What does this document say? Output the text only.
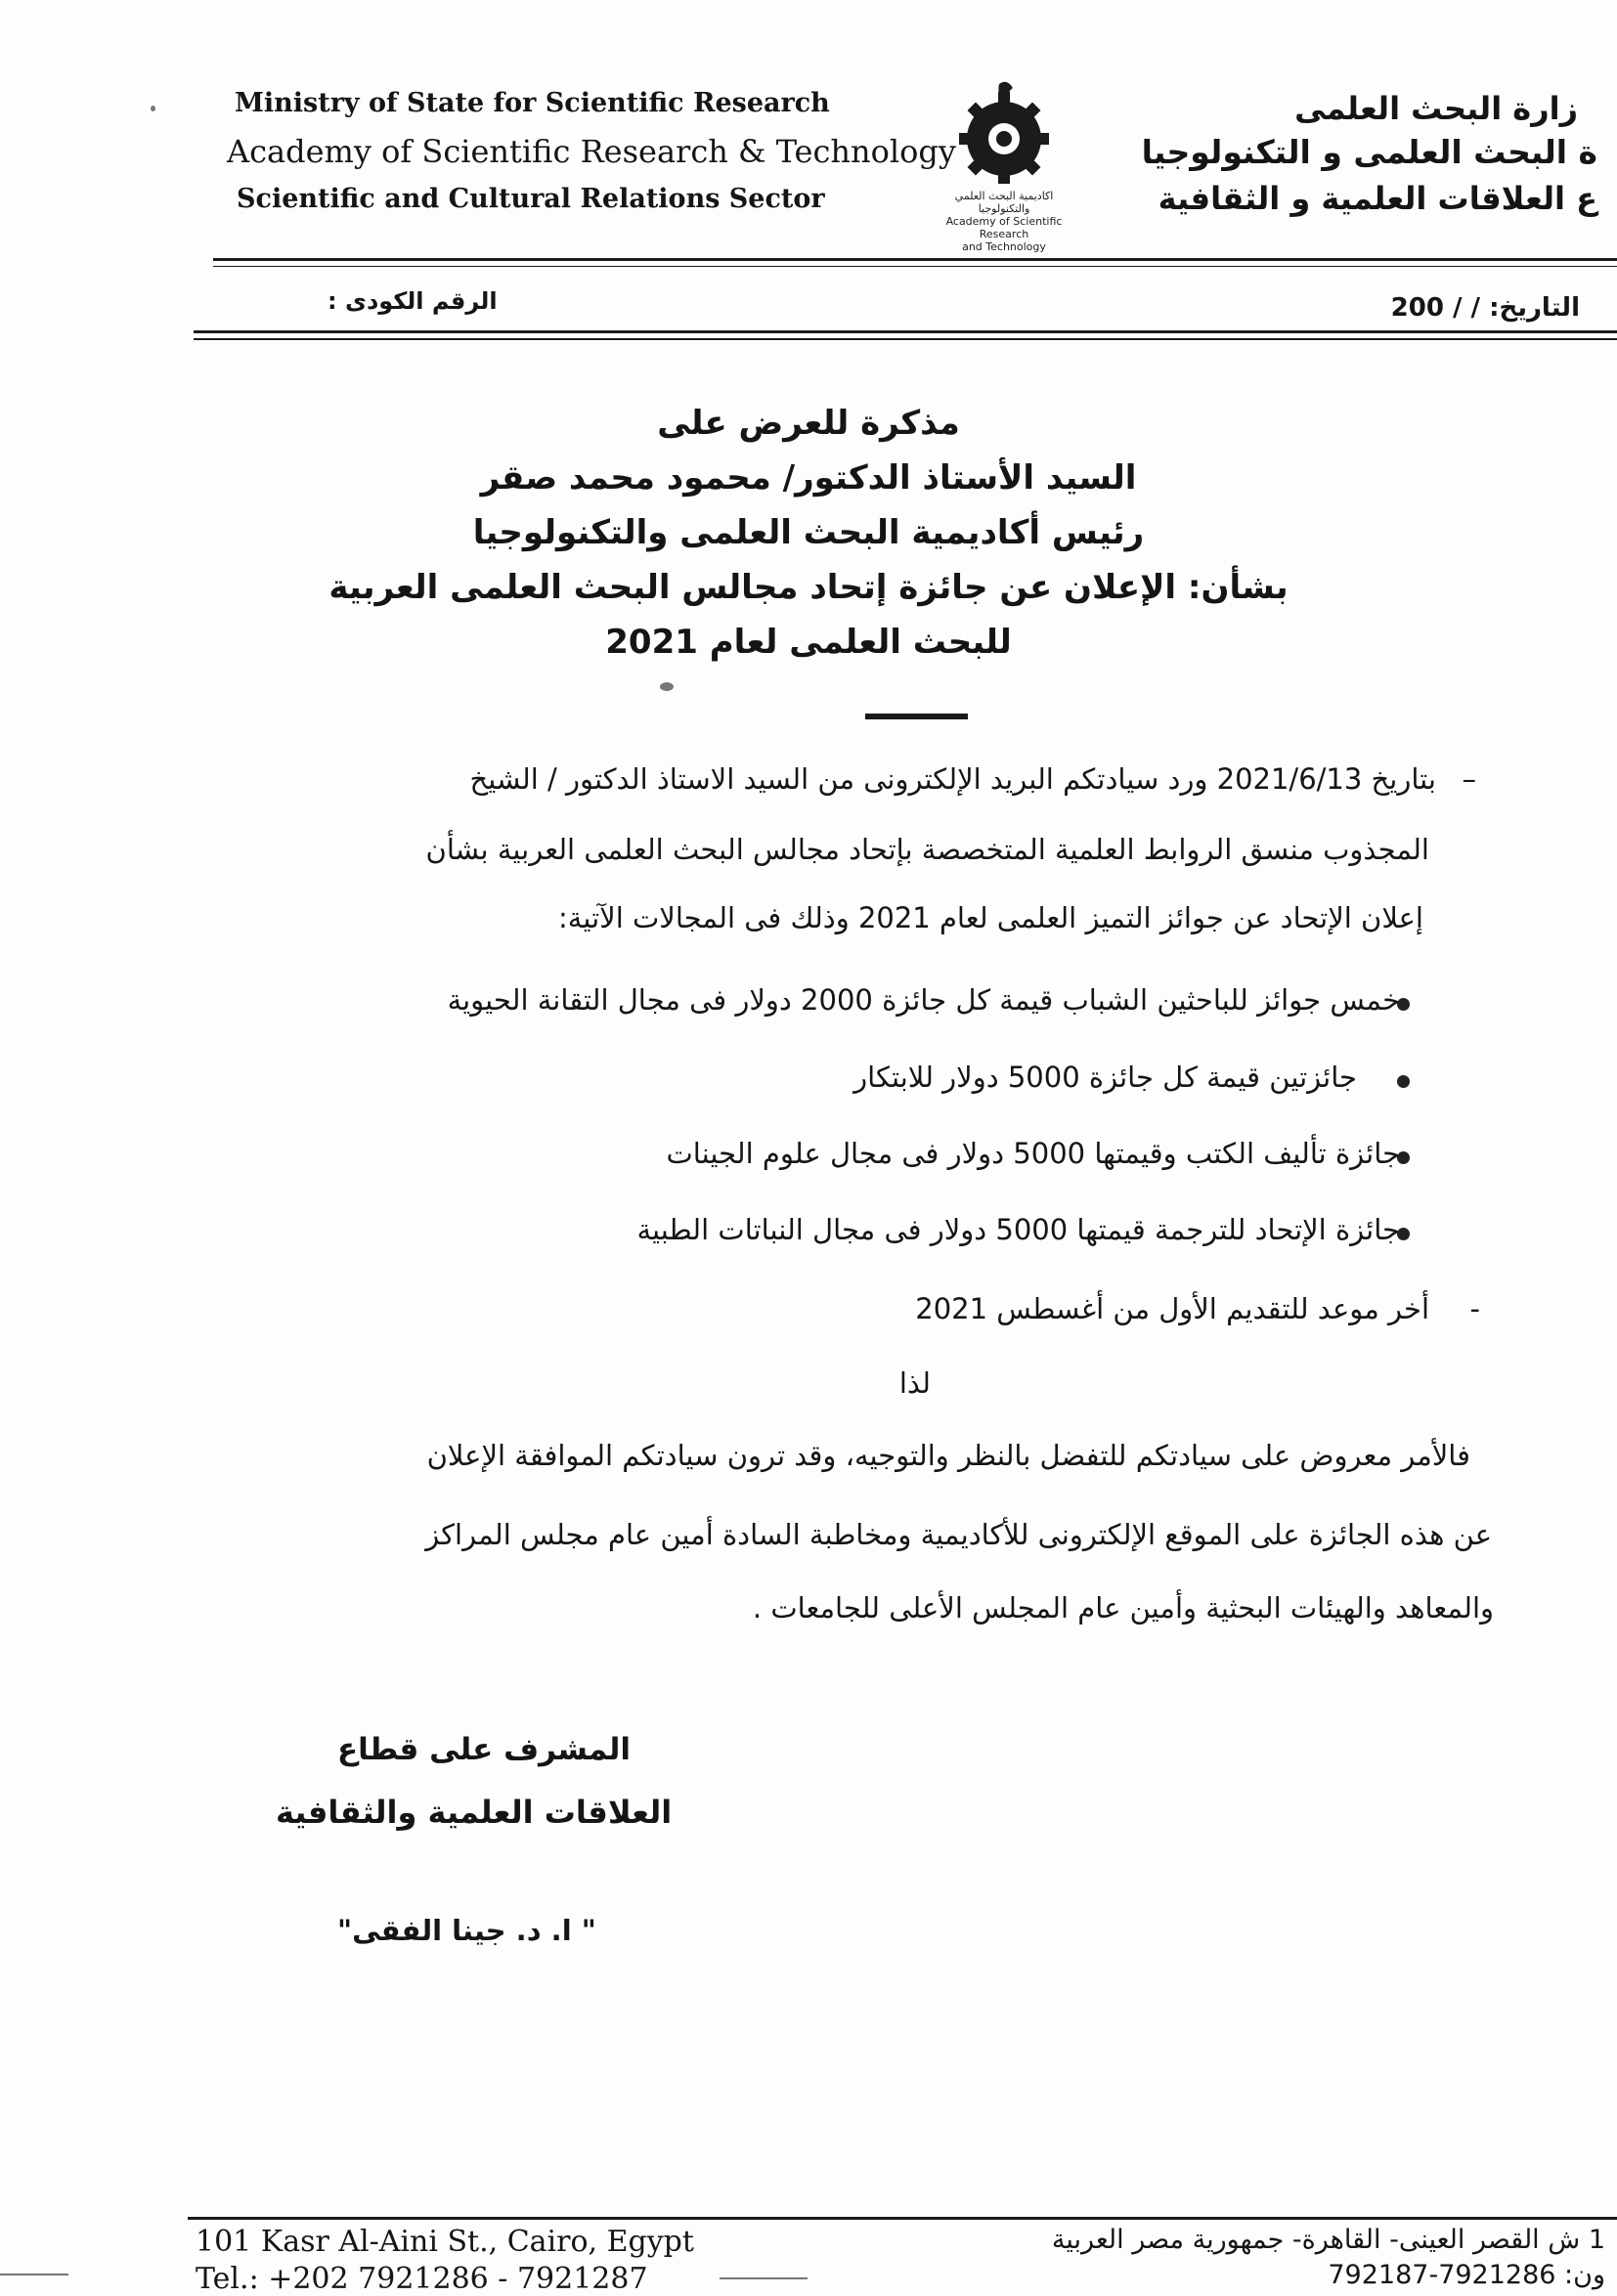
Ministry of State for Scientific Research
Academy of Scientific Research & Technology
Scientific and Cultural Relations Sector	اكاديمية البحث العلمي والتكنولوجيا
Academy of Scientific Research
and Technology
زارة البحث العلمى
ة البحث العلمى و التكنولوجيا
ع العلاقات العلمية و الثقافية
التاريخ: / / 200
الرقم الكودى :
مذكرة للعرض على
السيد الأستاذ الدكتور/ محمود محمد صقر
رئيس أكاديمية البحث العلمى والتكنولوجيا
بشأن: الإعلان عن جائزة إتحاد مجالس البحث العلمى العربية
للبحث العلمى لعام 2021
–
بتاريخ 2021/6/13 ورد سيادتكم البريد الإلكترونى من السيد الاستاذ الدكتور / الشيخ
المجذوب منسق الروابط العلمية المتخصصة بإتحاد مجالس البحث العلمى العربية بشأن
إعلان الإتحاد عن جوائز التميز العلمى لعام 2021 وذلك فى المجالات الآتية:
خمس جوائز للباحثين الشباب قيمة كل جائزة 2000 دولار فى مجال التقانة الحيوية
جائزتين قيمة كل جائزة 5000 دولار للابتكار
جائزة تأليف الكتب وقيمتها 5000 دولار فى مجال علوم الجينات
جائزة الإتحاد للترجمة قيمتها 5000 دولار فى مجال النباتات الطبية
-
أخر موعد للتقديم الأول من أغسطس 2021
لذا
فالأمر معروض على سيادتكم للتفضل بالنظر والتوجيه، وقد ترون سيادتكم الموافقة الإعلان
عن هذه الجائزة على الموقع الإلكترونى للأكاديمية ومخاطبة السادة أمين عام مجلس المراكز
والمعاهد والهيئات البحثية وأمين عام المجلس الأعلى للجامعات .
المشرف على قطاع
العلاقات العلمية والثقافية
" ا. د. جينا الفقى"
101 Kasr Al-Aini St., Cairo, Egypt
Tel.: +202 7921286 - 7921287
1 ش القصر العينى- القاهرة- جمهورية مصر العربية
ون: 7921286-792187
